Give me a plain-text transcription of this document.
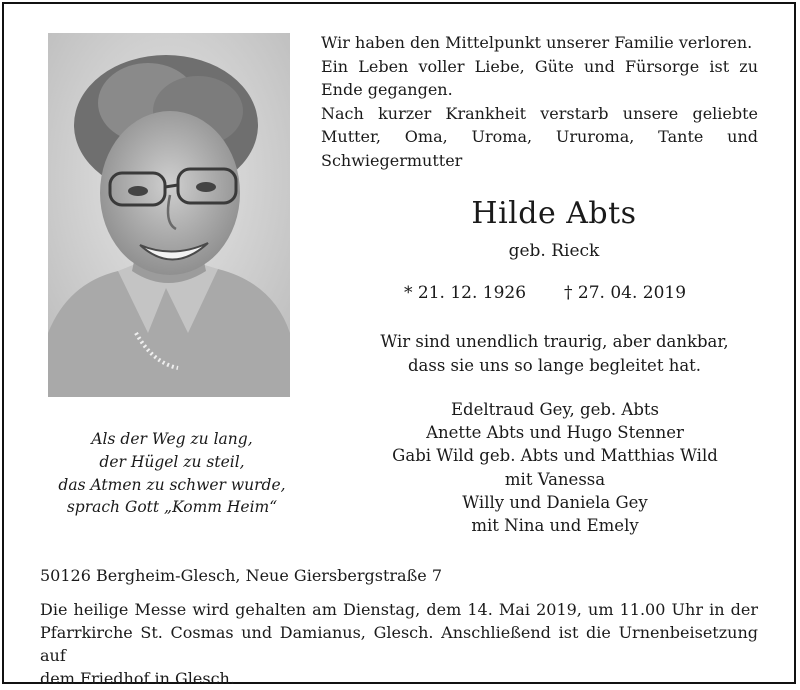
Wir haben den Mittelpunkt unserer Familie verloren.

Ein Leben voller Liebe, Güte und Fürsorge ist zu Ende gegangen.

Nach kurzer Krankheit verstarb unsere geliebte Mutter, Oma, Uroma, Ururoma, Tante und Schwiegermutter

Hilde Abts
geb. Rieck
* 21. 12. 1926 † 27. 04. 2019
Wir sind unendlich traurig, aber dankbar,
dass sie uns so lange begleitet hat.
Edeltraud Gey, geb. Abts
Anette Abts und Hugo Stenner
Gabi Wild geb. Abts und Matthias Wild
mit Vanessa
Willy und Daniela Gey
mit Nina und Emely
Als der Weg zu lang,
der Hügel zu steil,
das Atmen zu schwer wurde,
sprach Gott „Komm Heim“
50126 Bergheim-Glesch, Neue Giersbergstraße 7
Die heilige Messe wird gehalten am Dienstag, dem 14. Mai 2019, um 11.00 Uhr in der
Pfarrkirche St. Cosmas und Damianus, Glesch. Anschließend ist die Urnenbeisetzung auf
dem Friedhof in Glesch.
